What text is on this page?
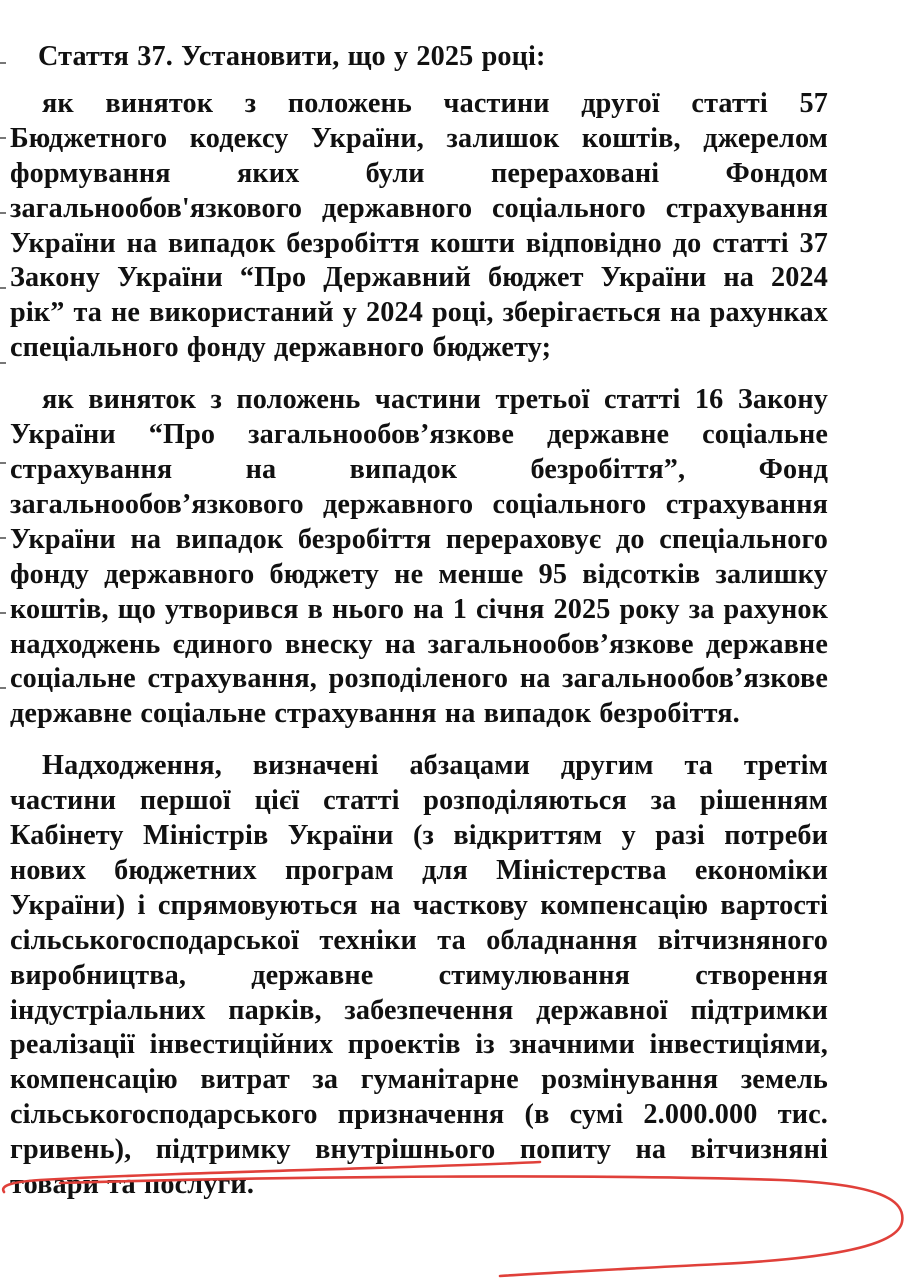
Стаття 37. Установити, що у 2025 році:

як виняток з положень частини другої статті 57 Бюджетного кодексу України, залишок коштів, джерелом формування яких були перераховані Фондом загальнообов'язкового державного соціального страхування України на випадок безробіття кошти відповідно до статті 37 Закону України “Про Державний бюджет України на 2024 рік” та не використаний у 2024 році, зберігається на рахунках спеціального фонду державного бюджету;

як виняток з положень частини третьої статті 16 Закону України “Про загальнообов’язкове державне соціальне страхування на випадок безробіття”, Фонд загальнообов’язкового державного соціального страхування України на випадок безробіття перераховує до спеціального фонду державного бюджету не менше 95 відсотків залишку коштів, що утворився в нього на 1 січня 2025 року за рахунок надходжень єдиного внеску на загальнообов’язкове державне соціальне страхування, розподіленого на загальнообов’язкове державне соціальне страхування на випадок безробіття.

Надходження, визначені абзацами другим та третім частини першої цієї статті розподіляються за рішенням Кабінету Міністрів України (з відкриттям у разі потреби нових бюджетних програм для Міністерства економіки України) і спрямовуються на часткову компенсацію вартості сільськогосподарської техніки та обладнання вітчизняного виробництва, державне стимулювання створення індустріальних парків, забезпечення державної підтримки реалізації інвестиційних проектів із значними інвестиціями, компенсацію витрат за гуманітарне розмінування земель сільськогосподарського призначення (в сумі 2.000.000 тис. гривень), підтримку внутрішнього попиту на вітчизняні товари та послуги.
